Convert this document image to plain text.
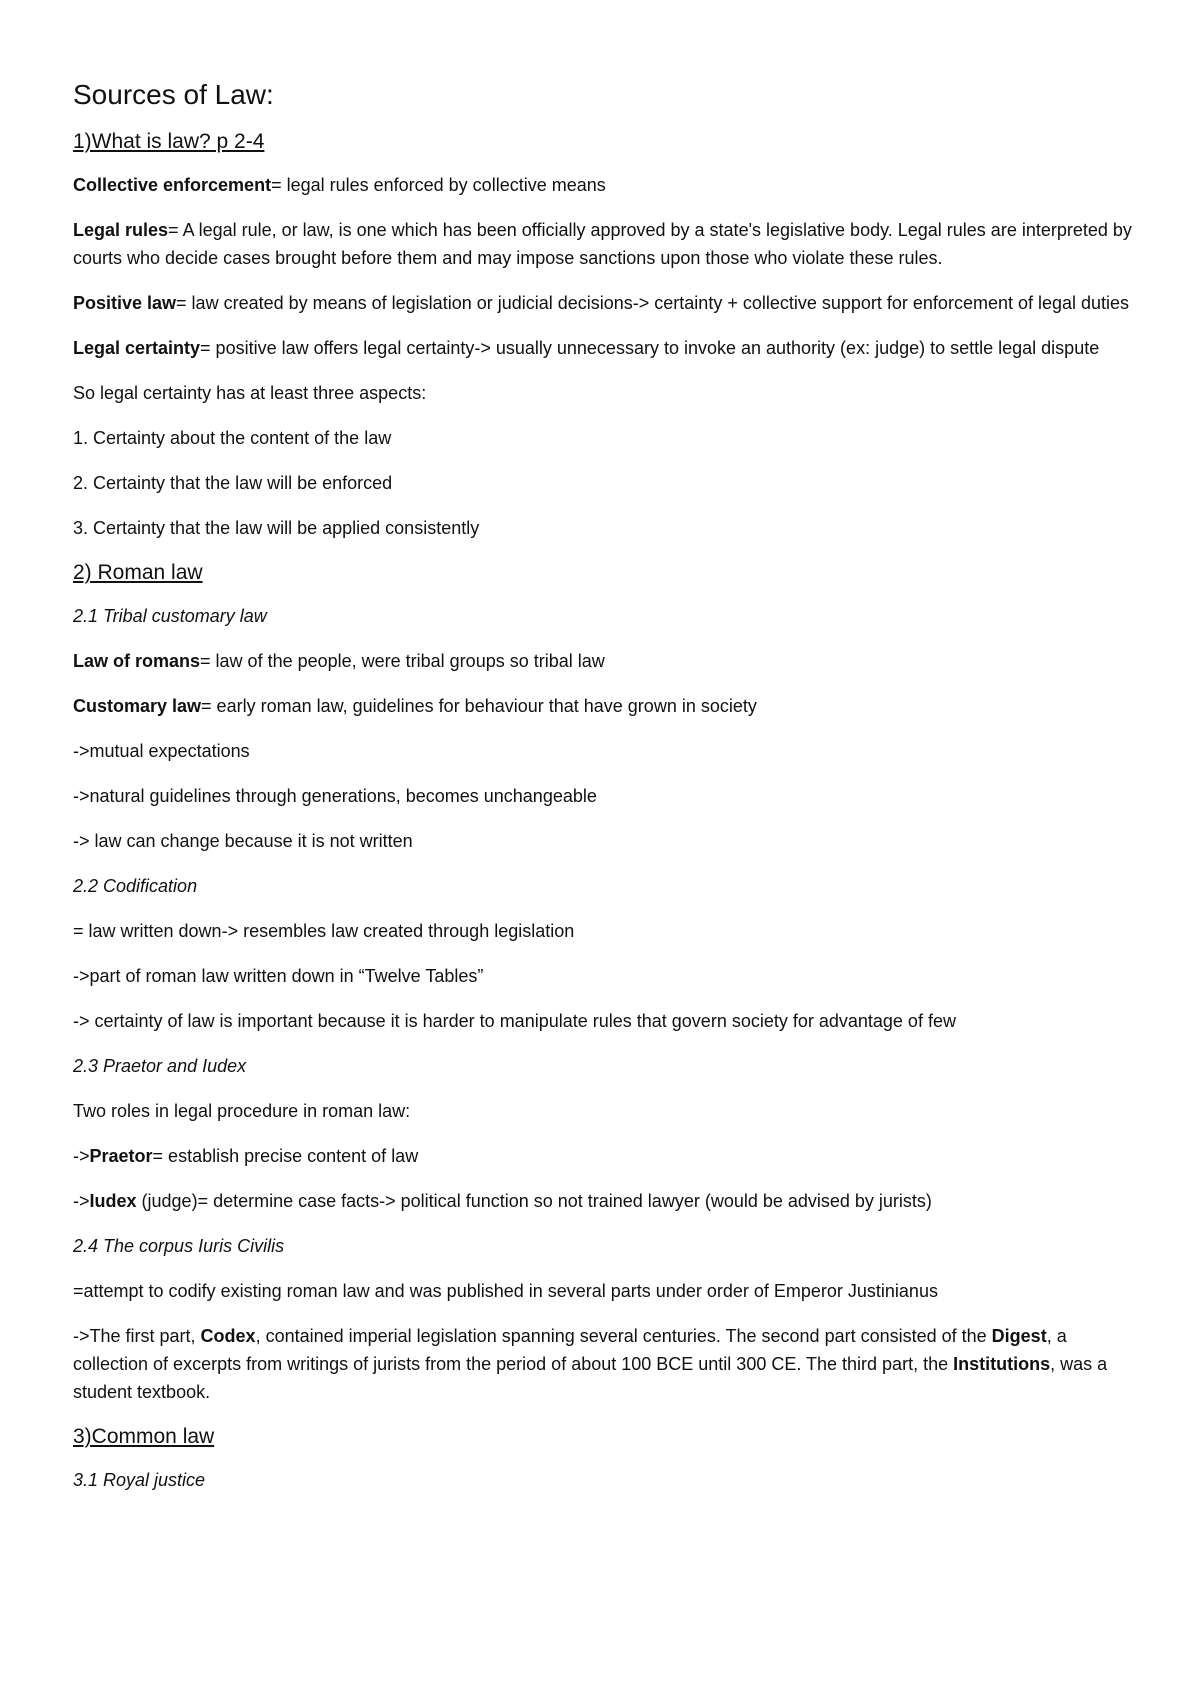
Sources of Law:
1)What is law? p 2-4

Collective enforcement= legal rules enforced by collective means

Legal rules= A legal rule, or law, is one which has been officially approved by a state's legislative body. Legal rules are interpreted by courts who decide cases brought before them and may impose sanctions upon those who violate these rules.

Positive law= law created by means of legislation or judicial decisions-> certainty + collective support for enforcement of legal duties

Legal certainty= positive law offers legal certainty-> usually unnecessary to invoke an authority (ex: judge) to settle legal dispute

So legal certainty has at least three aspects:

1. Certainty about the content of the law

2. Certainty that the law will be enforced

3. Certainty that the law will be applied consistently

2) Roman law

2.1 Tribal customary law

Law of romans= law of the people, were tribal groups so tribal law

Customary law= early roman law, guidelines for behaviour that have grown in society

->mutual expectations

->natural guidelines through generations, becomes unchangeable

-> law can change because it is not written

2.2 Codification

= law written down-> resembles law created through legislation

->part of roman law written down in “Twelve Tables”

-> certainty of law is important because it is harder to manipulate rules that govern society for advantage of few

2.3 Praetor and Iudex

Two roles in legal procedure in roman law:

->Praetor= establish precise content of law

->Iudex (judge)= determine case facts-> political function so not trained lawyer (would be advised by jurists)

2.4 The corpus Iuris Civilis

=attempt to codify existing roman law and was published in several parts under order of Emperor Justinianus

->The first part, Codex, contained imperial legislation spanning several centuries. The second part consisted of the Digest, a collection of excerpts from writings of jurists from the period of about 100 BCE until 300 CE. The third part, the Institutions, was a student textbook.

3)Common law

3.1 Royal justice
